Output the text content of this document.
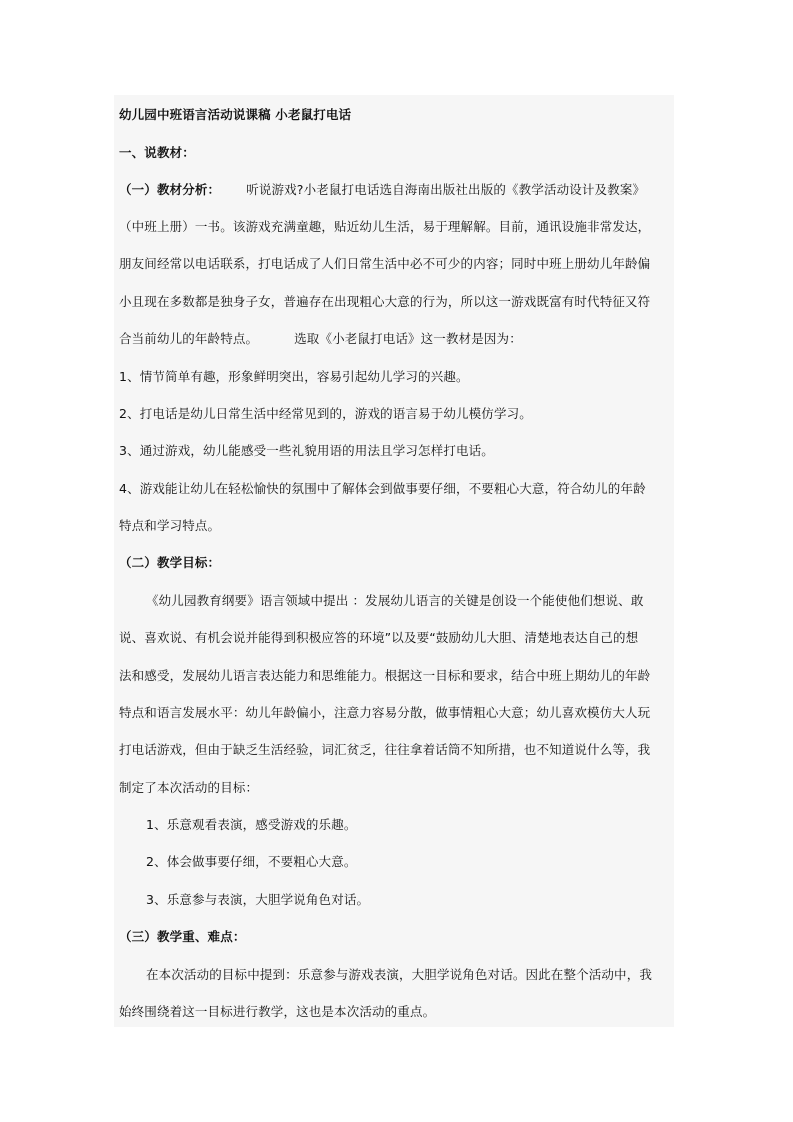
幼儿园中班语言活动说课稿 小老鼠打电话
一、说教材：
（一）教材分析： 听说游戏?小老鼠打电话选自海南出版社出版的《教学活动设计及教案》
（中班上册）一书。该游戏充满童趣，贴近幼儿生活，易于理解解。目前，通讯设施非常发达，
朋友间经常以电话联系，打电话成了人们日常生活中必不可少的内容；同时中班上册幼儿年龄偏
小且现在多数都是独身子女，普遍存在出现粗心大意的行为，所以这一游戏既富有时代特征又符
合当前幼儿的年龄特点。	选取《小老鼠打电话》这一教材是因为：
1、情节简单有趣，形象鲜明突出，容易引起幼儿学习的兴趣。
2、打电话是幼儿日常生活中经常见到的，游戏的语言易于幼儿模仿学习。
3、通过游戏，幼儿能感受一些礼貌用语的用法且学习怎样打电话。
4、游戏能让幼儿在轻松愉快的氛围中了解体会到做事要仔细，不要粗心大意，符合幼儿的年龄
特点和学习特点。
（二）教学目标：
《幼儿园教育纲要》语言领域中提出 ：发展幼儿语言的关键是创设一个能使他们想说、敢
说、喜欢说、有机会说并能得到积极应答的环境”以及要“鼓励幼儿大胆、清楚地表达自己的想
法和感受，发展幼儿语言表达能力和思维能力。根据这一目标和要求，结合中班上期幼儿的年龄
特点和语言发展水平：幼儿年龄偏小，注意力容易分散，做事情粗心大意；幼儿喜欢模仿大人玩
打电话游戏，但由于缺乏生活经验，词汇贫乏，往往拿着话筒不知所措，也不知道说什么等，我
制定了本次活动的目标：
1、乐意观看表演，感受游戏的乐趣。
2、体会做事要仔细，不要粗心大意。
3、乐意参与表演，大胆学说角色对话。
（三）教学重、难点：
在本次活动的目标中提到：乐意参与游戏表演，大胆学说角色对话。因此在整个活动中，我
始终围绕着这一目标进行教学，这也是本次活动的重点。
